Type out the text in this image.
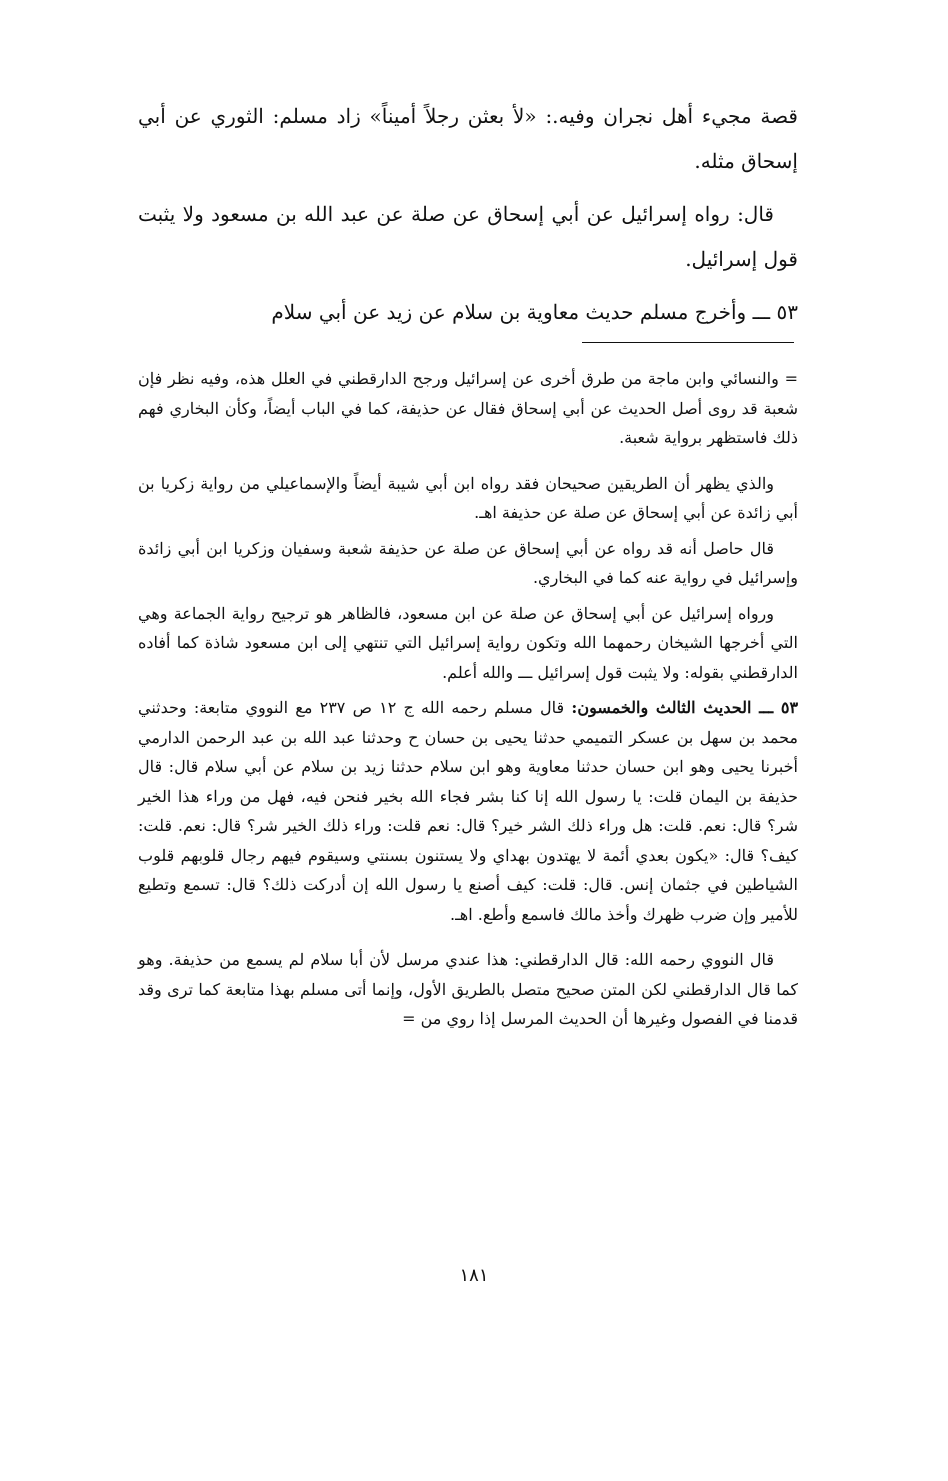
قصة مجيء أهل نجران وفيه.: «لأ بعثن رجلاً أميناً» زاد مسلم: الثوري عن أبي إسحاق مثله.

قال: رواه إسرائيل عن أبي إسحاق عن صلة عن عبد الله بن مسعود ولا يثبت قول إسرائيل.

٥٣ ـــ وأخرج مسلم حديث معاوية بن سلام عن زيد عن أبي سلام

= والنسائي وابن ماجة من طرق أخرى عن إسرائيل ورجح الدارقطني في العلل هذه، وفيه نظر فإن شعبة قد روى أصل الحديث عن أبي إسحاق فقال عن حذيفة، كما في الباب أيضاً، وكأن البخاري فهم ذلك فاستظهر برواية شعبة.

والذي يظهر أن الطريقين صحيحان فقد رواه ابن أبي شيبة أيضاً والإسماعيلي من رواية زكريا بن أبي زائدة عن أبي إسحاق عن صلة عن حذيفة اهـ.

قال حاصل أنه قد رواه عن أبي إسحاق عن صلة عن حذيفة شعبة وسفيان وزكريا ابن أبي زائدة وإسرائيل في رواية عنه كما في البخاري.

ورواه إسرائيل عن أبي إسحاق عن صلة عن ابن مسعود، فالظاهر هو ترجيح رواية الجماعة وهي التي أخرجها الشيخان رحمهما الله وتكون رواية إسرائيل التي تنتهي إلى ابن مسعود شاذة كما أفاده الدارقطني بقوله: ولا يثبت قول إسرائيل ـــ والله أعلم.

٥٣ ـــ الحديث الثالث والخمسون: قال مسلم رحمه الله ج ١٢ ص ٢٣٧ مع النووي متابعة: وحدثني محمد بن سهل بن عسكر التميمي حدثنا يحيى بن حسان ح وحدثنا عبد الله بن عبد الرحمن الدارمي أخبرنا يحيى وهو ابن حسان حدثنا معاوية وهو ابن سلام حدثنا زيد بن سلام عن أبي سلام قال: قال حذيفة بن اليمان قلت: يا رسول الله إنا كنا بشر فجاء الله بخير فنحن فيه، فهل من وراء هذا الخير شر؟ قال: نعم. قلت: هل وراء ذلك الشر خير؟ قال: نعم قلت: وراء ذلك الخير شر؟ قال: نعم. قلت: كيف؟ قال: «يكون بعدي أئمة لا يهتدون بهداي ولا يستنون بسنتي وسيقوم فيهم رجال قلوبهم قلوب الشياطين في جثمان إنس. قال: قلت: كيف أصنع يا رسول الله إن أدركت ذلك؟ قال: تسمع وتطيع للأمير وإن ضرب ظهرك وأخذ مالك فاسمع وأطع. اهـ.

قال النووي رحمه الله: قال الدارقطني: هذا عندي مرسل لأن أبا سلام لم يسمع من حذيفة. وهو كما قال الدارقطني لكن المتن صحيح متصل بالطريق الأول، وإنما أتى مسلم بهذا متابعة كما ترى وقد قدمنا في الفصول وغيرها أن الحديث المرسل إذا روي من =

١٨١
